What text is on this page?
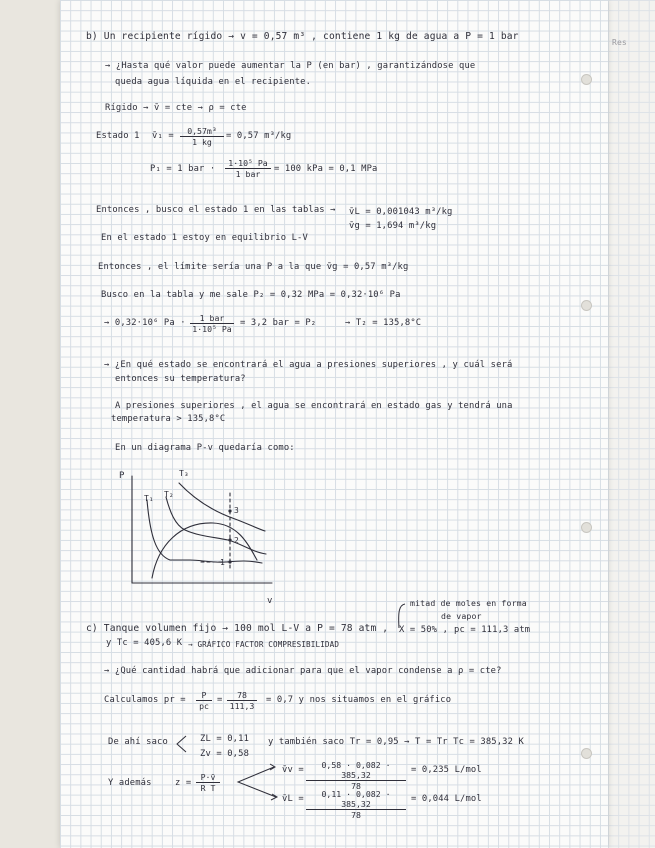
Res
b) Un recipiente rígido → v = 0,57 m³ , contiene 1 kg de agua a P = 1 bar
→ ¿Hasta qué valor puede aumentar la P (en bar) , garantizándose que
queda agua líquida en el recipiente.
Rígido → v̄ = cte → ρ = cte
Estado 1 v̄₁ = $\frac{\text{0,57m³}}{1 kg} = 0,57$ m³/kg
P₁ = 1 bar ·
1·10⁵ Pa
1 bar	= 100 kPa = 0,1 MPa
Entonces , busco el estado 1 en las tablas → v̄L = 0,001043 m³/kg
v̄g = 1,694 m³/kg
En el estado 1 estoy en equilibrio L-V
Entonces , el límite sería una P a la que v̄g = 0,57 m³/kg
Busco en la tabla y me sale P₂ = 0,32 MPa = 0,32·10⁶ Pa
→ 0,32·10⁶ Pa ·	1 bar
1·10⁵ Pa
= 3,2 bar = P₂	→ T₂ = 135,8°C
→ ¿En qué estado se encontrará el agua a presiones superiores , y cuál será
entonces su temperatura?
A presiones superiores , el agua se encontrará en estado gas y tendrá una
temperatura > 135,8°C
En un diagrama P-v quedaría como:
P
v
T₁ T₂
T₃
1
2
3
mitad de moles en forma
de vapor
c) Tanque volumen fijo → 100 mol L-V a P = 78 atm , X = 50% , pc = 111,3 atm
y Tc = 405,6 K → GRÁFICO FACTOR COMPRESIBILIDAD
→ ¿Qué cantidad habrá que adicionar para que el vapor condense a ρ = cte?
Calculamos pr = $\frac{P}{pc} = \frac{78}{111,3} = 0,7$ y nos situamos en el gráfico
De ahí saco	ZL = 0,11
Zv = 0,58
y también saco Tr = 0,95 → T = Tr Tc = 385,32 K
Y además	$z = \frac{P\cdot v̄}{\text{R T}}$
v̄v = $\frac{0,58 \cdot 0,082 \cdot 385,32}{78} = 0,235$ L/mol
v̄L = $\frac{0,11 \cdot 0,082 \cdot 385,32}{78} = 0,044$ L/mol
